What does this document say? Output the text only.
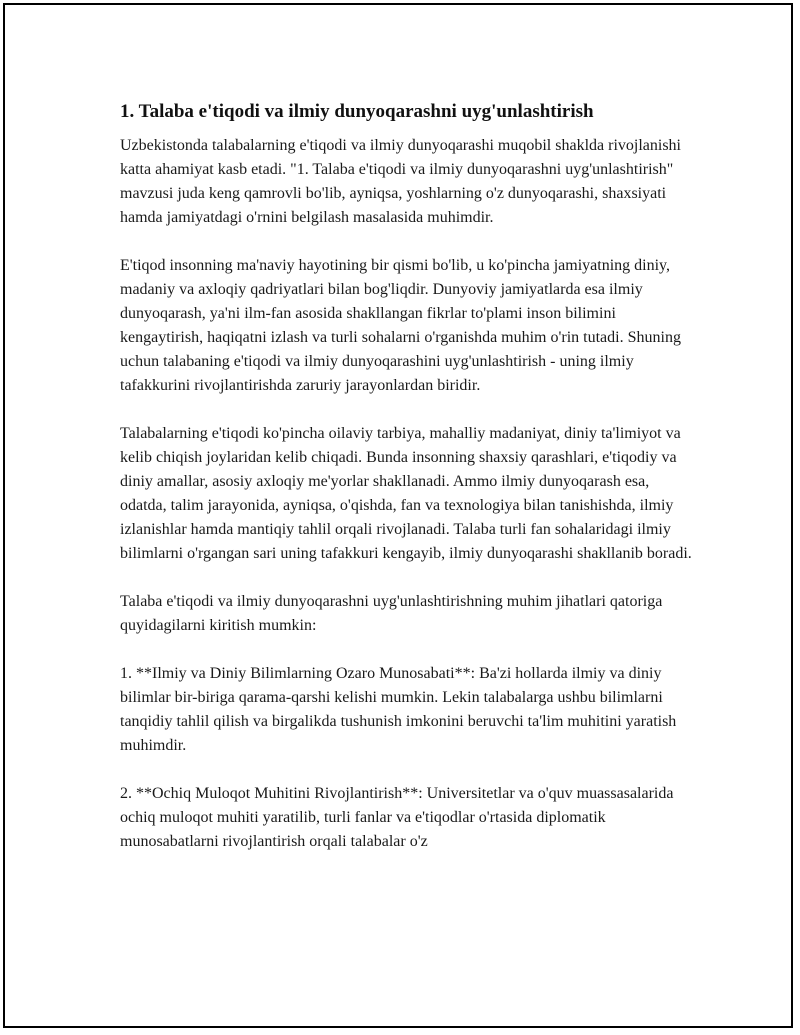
1. Talaba e'tiqodi va ilmiy dunyoqarashni uyg'unlashtirish

Uzbekistonda talabalarning e'tiqodi va ilmiy dunyoqarashi muqobil shaklda rivojlanishi katta ahamiyat kasb etadi. "1. Talaba e'tiqodi va ilmiy dunyoqarashni uyg'unlashtirish" mavzusi juda keng qamrovli bo'lib, ayniqsa, yoshlarning o'z dunyoqarashi, shaxsiyati hamda jamiyatdagi o'rnini belgilash masalasida muhimdir.

E'tiqod insonning ma'naviy hayotining bir qismi bo'lib, u ko'pincha jamiyatning diniy, madaniy va axloqiy qadriyatlari bilan bog'liqdir. Dunyoviy jamiyatlarda esa ilmiy dunyoqarash, ya'ni ilm-fan asosida shakllangan fikrlar to'plami inson bilimini kengaytirish, haqiqatni izlash va turli sohalarni o'rganishda muhim o'rin tutadi. Shuning uchun talabaning e'tiqodi va ilmiy dunyoqarashini uyg'unlashtirish - uning ilmiy tafakkurini rivojlantirishda zaruriy jarayonlardan biridir.

Talabalarning e'tiqodi ko'pincha oilaviy tarbiya, mahalliy madaniyat, diniy ta'limiyot va kelib chiqish joylaridan kelib chiqadi. Bunda insonning shaxsiy qarashlari, e'tiqodiy va diniy amallar, asosiy axloqiy me'yorlar shakllanadi. Ammo ilmiy dunyoqarash esa, odatda, talim jarayonida, ayniqsa, o'qishda, fan va texnologiya bilan tanishishda, ilmiy izlanishlar hamda mantiqiy tahlil orqali rivojlanadi. Talaba turli fan sohalaridagi ilmiy bilimlarni o'rgangan sari uning tafakkuri kengayib, ilmiy dunyoqarashi shakllanib boradi.

Talaba e'tiqodi va ilmiy dunyoqarashni uyg'unlashtirishning muhim jihatlari qatoriga quyidagilarni kiritish mumkin:

1. **Ilmiy va Diniy Bilimlarning Ozaro Munosabati**: Ba'zi hollarda ilmiy va diniy bilimlar bir-biriga qarama-qarshi kelishi mumkin. Lekin talabalarga ushbu bilimlarni tanqidiy tahlil qilish va birgalikda tushunish imkonini beruvchi ta'lim muhitini yaratish muhimdir.

2. **Ochiq Muloqot Muhitini Rivojlantirish**: Universitetlar va o'quv muassasalarida ochiq muloqot muhiti yaratilib, turli fanlar va e'tiqodlar o'rtasida diplomatik munosabatlarni rivojlantirish orqali talabalar o'z
